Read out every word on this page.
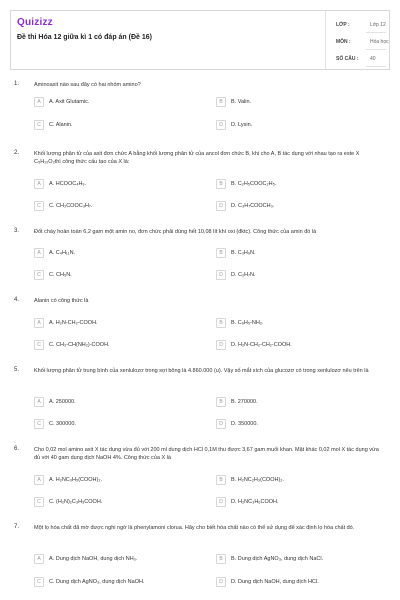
Quizizz
Đề thi Hóa 12 giữa kì 1 có đáp án (Đề 16)
LỚP :	Lớp 12
MÔN :	Hóa học
SỐ CÂU : 40
1.	Aminoaxit nào sau đây có hai nhóm amino?
A	A. Axit Glutamic.	B	B. Valin.
C	C. Alanin.	D	D. Lysin.
2.	Khối lượng phân tử của axit đơn chức A bằng khối lượng phân tử của ancol đơn chức B, khi cho A, B tác dụng với nhau tạo ra este X C₅H₁₀O₂thì công thức cấu tạo của X là:
A	A. HCOOC₄H₉.	B	B. C₂H₅COOC₂H₅.
C	C. CH₃COOC₃H₇.	D	D. C₃H₇COOCH₃.
3.	Đốt cháy hoàn toàn 6,2 gam một amin no, đơn chức phải dùng hết 10,08 lít khí oxi (đktc). Công thức của amin đó là
A	A. C₄H₁₁N.	B	B. C₃H₉N.
C	C. CH₅N.	D	D. C₂H₇N.
4.	Alanin có công thức là
A	A. H₂N-CH₂-COOH.	B	B. C₆H₅-NH₂.
C	C. CH₃-CH(NH₂)-COOH.	D	D. H₂N-CH₂-CH₂-COOH.
5.	Khối lượng phân tử trung bình của xenlulozơ trong sợi bông là 4.860.000 (u). Vậy số mắt xích của glucozơ có trong xenlulozơ nêu trên là
A	A. 250000.	B	B. 270000.
C	C. 300000.	D	D. 350000.
6.	Cho 0,02 mol amino axit X tác dụng vừa đủ với 200 ml dung dịch HCl 0,1M thu được 3,67 gam muối khan. Mặt khác 0,02 mol X tác dụng vừa đủ với 40 gam dung dịch NaOH 4%. Công thức của X là
A	A. H₂NC₃H₅(COOH)₂.	B	B. H₂NC₂H₃(COOH)₂.
C	C. (H₂N)₂C₃H₅COOH.	D	D. H₂NC₃H₆COOH.
7.	Một lọ hóa chất đã mờ được nghi ngờ là phenylamoni clorua. Hãy cho biết hóa chất nào có thể sử dụng để xác định lọ hóa chất đó.
A	A. Dung dịch NaOH, dung dịch NH₃.	B	B. Dung dịch AgNO₃, dung dịch NaCl.
C	C. Dung dịch AgNO₃, dung dịch NaOH.	D	D. Dung dịch NaOH, dung dịch HCl.
